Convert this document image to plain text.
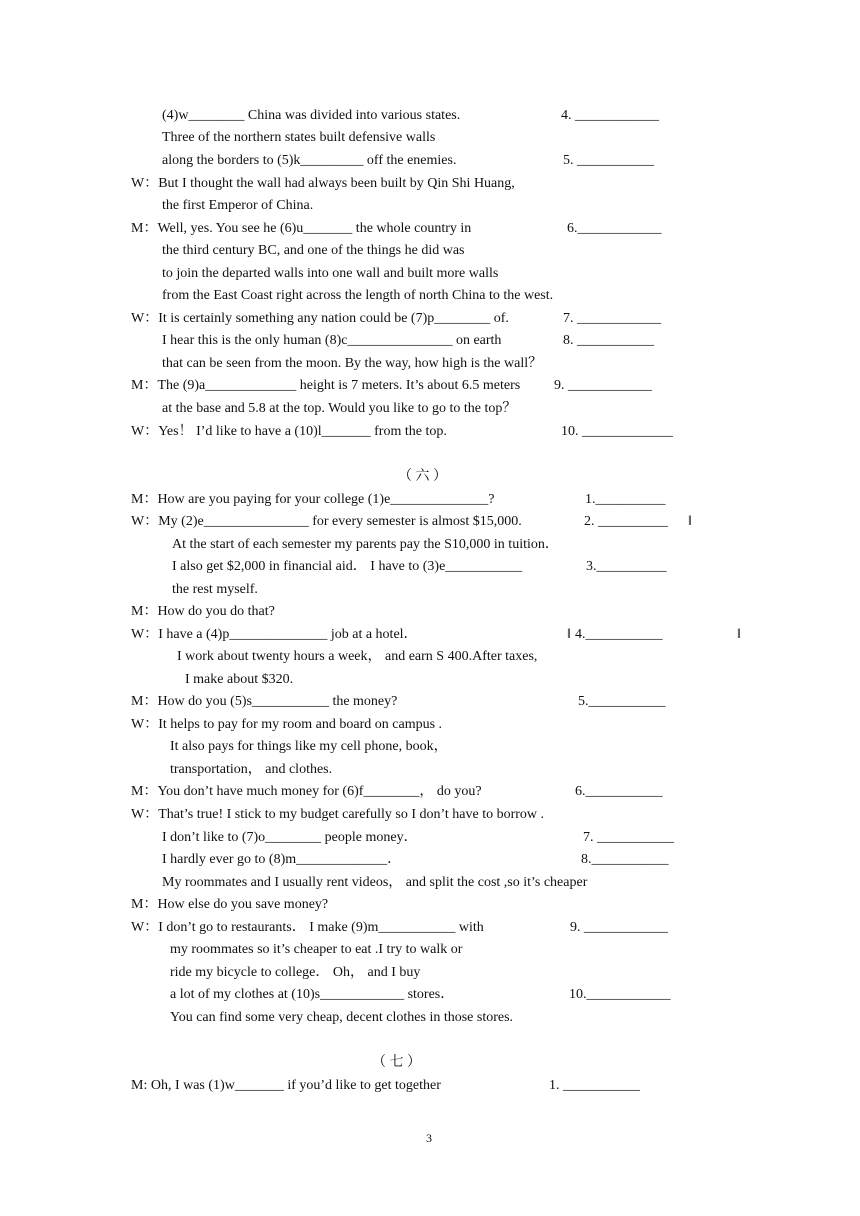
(4)w________ China was divided into various states.
Three of the northern states built defensive walls
along the borders to (5)k_________ off the enemies.
W：But I thought the wall had always been built by Qin Shi Huang,
the first Emperor of China.
M：Well, yes. You see he (6)u_______ the whole country in
the third century BC, and one of the things he did was
to join the departed walls into one wall and built more walls
from the East Coast right across the length of north China to the west.
W：It is certainly something any nation could be (7)p________ of.
I hear this is the only human (8)c_______________ on earth
that can be seen from the moon. By the way, how high is the wall？
M：The (9)a_____________ height is 7 meters. It’s about 6.5 meters
at the base and 5.8 at the top. Would you like to go to the top？
W：Yes！ I’d like to have a (10)l_______ from the top.
4. ____________
5. ___________
6.____________
7. ____________
8. ___________
9. ____________
10. _____________
（ 六 ）
M：How are you paying for your college (1)e______________?
W：My (2)e_______________ for every semester is almost $15,000.
At the start of each semester my parents pay the S10,000 in tuition．
I also get $2,000 in financial aid． I have to (3)e___________
the rest myself.
M：How do you do that?
W：I have a (4)p______________ job at a hotel．
I work about twenty hours a week， and earn S 400.After taxes,
I make about $320.
M：How do you (5)s___________ the money?
W：It helps to pay for my room and board on campus .
It also pays for things like my cell phone, book，
transportation， and clothes.
M：You don’t have much money for (6)f________， do you?
W：That’s true! I stick to my budget carefully so I don’t have to borrow .
I don’t like to (7)o________ people money．
I hardly ever go to (8)m_____________．
My roommates and I usually rent videos， and split the cost ,so it’s cheaper
M：How else do you save money?
W：I don’t go to restaurants． I make (9)m___________ with
my roommates so it’s cheaper to eat .I try to walk or
ride my bicycle to college． Oh， and I buy
a lot of my clothes at (10)s____________ stores．
You can find some very cheap, decent clothes in those stores.
1.__________
2. __________
3.__________
4.___________
5.___________
6.___________
7. ___________
8.___________
9. ____________
10.____________
‖
‖	‖
（ 七 ）
M: Oh, I was (1)w_______ if you’d like to get together	1. ___________
3
